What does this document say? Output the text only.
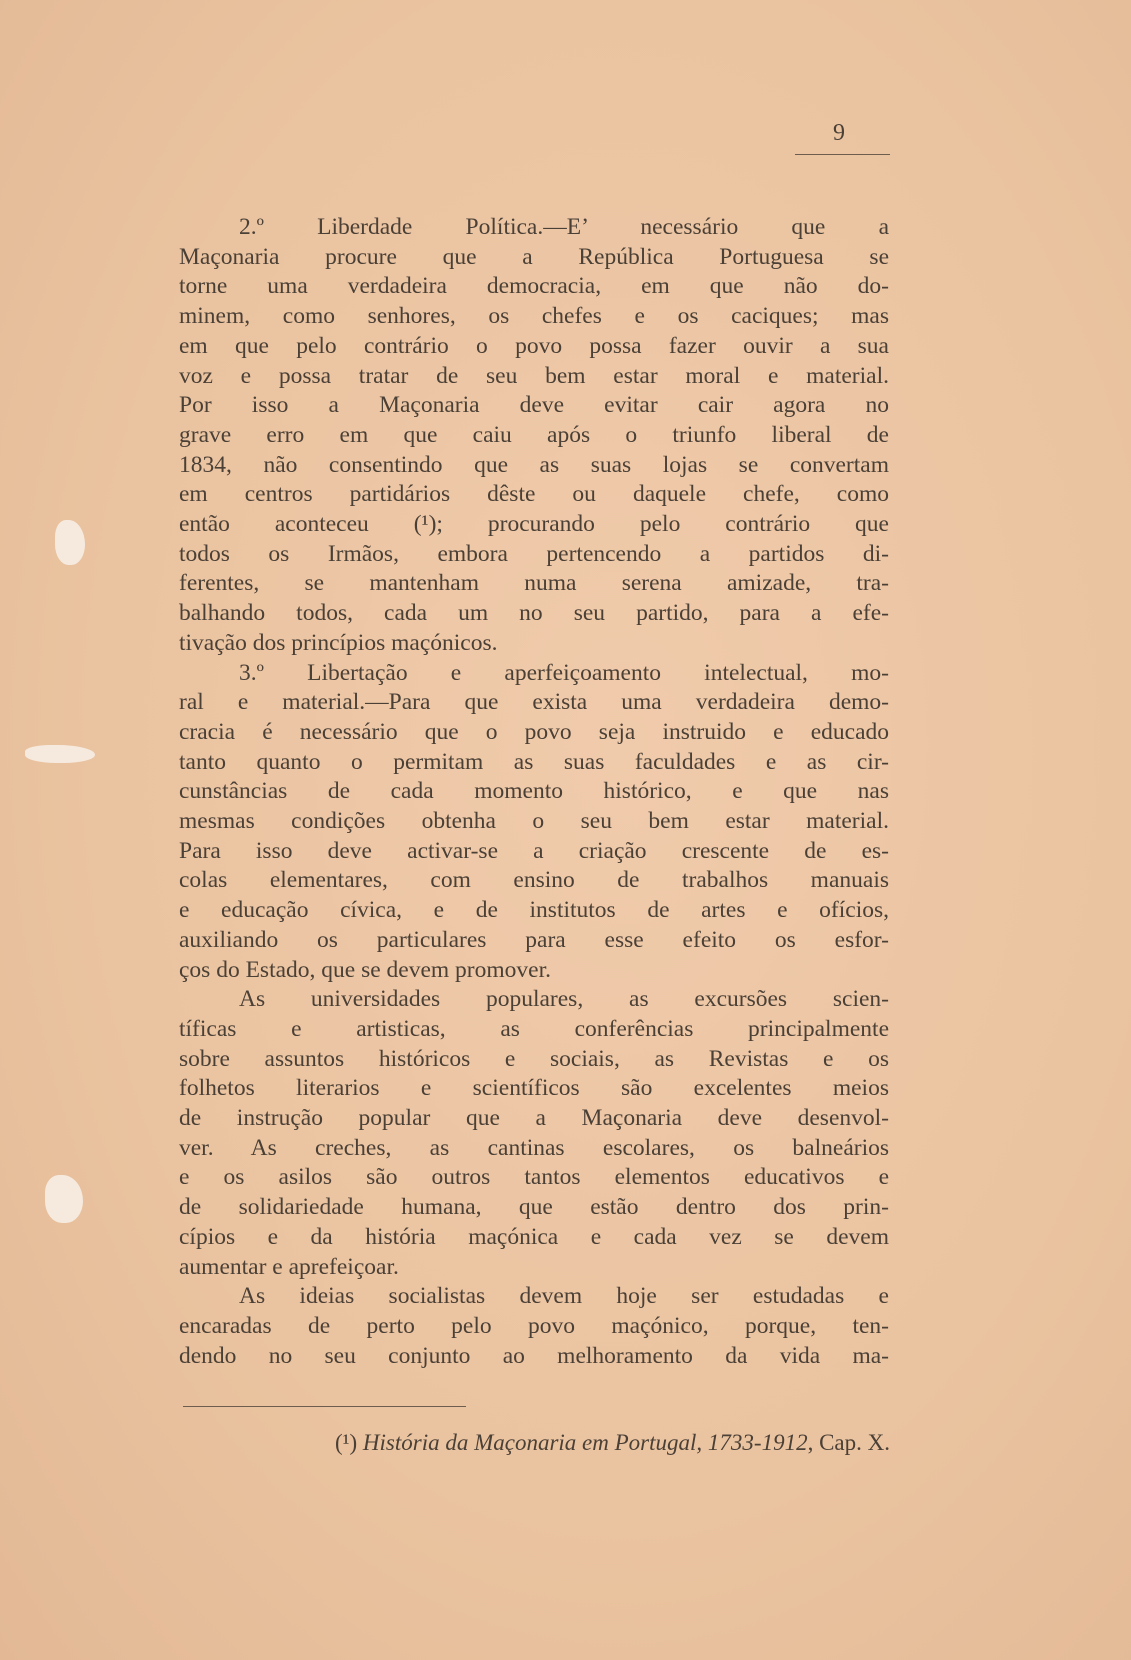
9
2.º Liberdade Política.—E’ necessário que a
Maçonaria procure que a República Portuguesa se
torne uma verdadeira democracia, em que não do-
minem, como senhores, os chefes e os caciques; mas
em que pelo contrário o povo possa fazer ouvir a sua
voz e possa tratar de seu bem estar moral e material.
Por isso a Maçonaria deve evitar cair agora no
grave erro em que caiu após o triunfo liberal de
1834, não consentindo que as suas lojas se convertam
em centros partidários dêste ou daquele chefe, como
então aconteceu (¹); procurando pelo contrário que
todos os Irmãos, embora pertencendo a partidos di-
ferentes, se mantenham numa serena amizade, tra-
balhando todos, cada um no seu partido, para a efe-
tivação dos princípios maçónicos.
3.º Libertação e aperfeiçoamento intelectual, mo-
ral e material.—Para que exista uma verdadeira demo-
cracia é necessário que o povo seja instruido e educado
tanto quanto o permitam as suas faculdades e as cir-
cunstâncias de cada momento histórico, e que nas
mesmas condições obtenha o seu bem estar material.
Para isso deve activar-se a criação crescente de es-
colas elementares, com ensino de trabalhos manuais
e educação cívica, e de institutos de artes e ofícios,
auxiliando os particulares para esse efeito os esfor-
ços do Estado, que se devem promover.
As universidades populares, as excursões scien-
tíficas e artisticas, as conferências principalmente
sobre assuntos históricos e sociais, as Revistas e os
folhetos literarios e scientíficos são excelentes meios
de instrução popular que a Maçonaria deve desenvol-
ver. As creches, as cantinas escolares, os balneários
e os asilos são outros tantos elementos educativos e
de solidariedade humana, que estão dentro dos prin-
cípios e da história maçónica e cada vez se devem
aumentar e aprefeiçoar.
As ideias socialistas devem hoje ser estudadas e
encaradas de perto pelo povo maçónico, porque, ten-
dendo no seu conjunto ao melhoramento da vida ma-
(¹) História da Maçonaria em Portugal, 1733-1912, Cap. X.
